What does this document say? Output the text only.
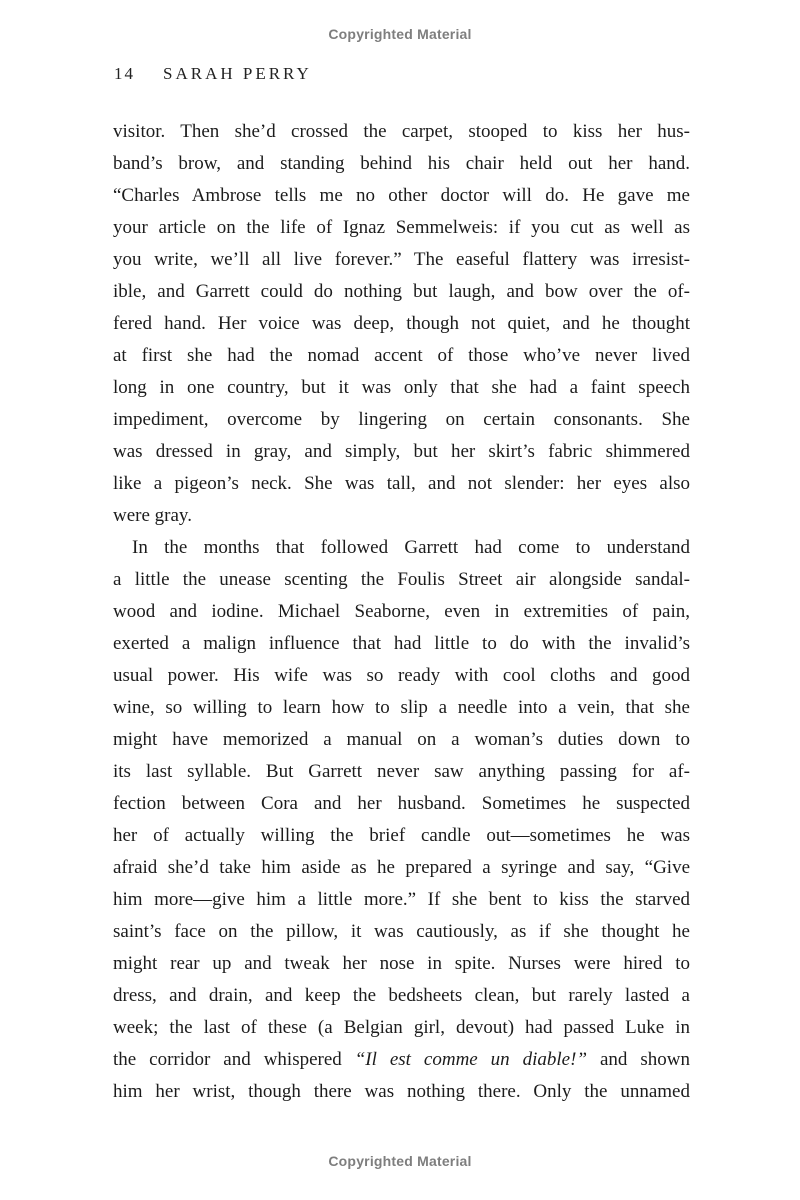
Copyrighted Material
14 SARAH PERRY
visitor. Then she’d crossed the carpet, stooped to kiss her hus-
band’s brow, and standing behind his chair held out her hand.
“Charles Ambrose tells me no other doctor will do. He gave me
your article on the life of Ignaz Semmelweis: if you cut as well as
you write, we’ll all live forever.” The easeful flattery was irresist-
ible, and Garrett could do nothing but laugh, and bow over the of-
fered hand. Her voice was deep, though not quiet, and he thought
at first she had the nomad accent of those who’ve never lived
long in one country, but it was only that she had a faint speech
impediment, overcome by lingering on certain consonants. She
was dressed in gray, and simply, but her skirt’s fabric shimmered
like a pigeon’s neck. She was tall, and not slender: her eyes also
were gray.
In the months that followed Garrett had come to understand
a little the unease scenting the Foulis Street air alongside sandal-
wood and iodine. Michael Seaborne, even in extremities of pain,
exerted a malign influence that had little to do with the invalid’s
usual power. His wife was so ready with cool cloths and good
wine, so willing to learn how to slip a needle into a vein, that she
might have memorized a manual on a woman’s duties down to
its last syllable. But Garrett never saw anything passing for af-
fection between Cora and her husband. Sometimes he suspected
her of actually willing the brief candle out—sometimes he was
afraid she’d take him aside as he prepared a syringe and say, “Give
him more—give him a little more.” If she bent to kiss the starved
saint’s face on the pillow, it was cautiously, as if she thought he
might rear up and tweak her nose in spite. Nurses were hired to
dress, and drain, and keep the bedsheets clean, but rarely lasted a
week; the last of these (a Belgian girl, devout) had passed Luke in
the corridor and whispered “Il est comme un diable!” and shown
him her wrist, though there was nothing there. Only the unnamed
Copyrighted Material
